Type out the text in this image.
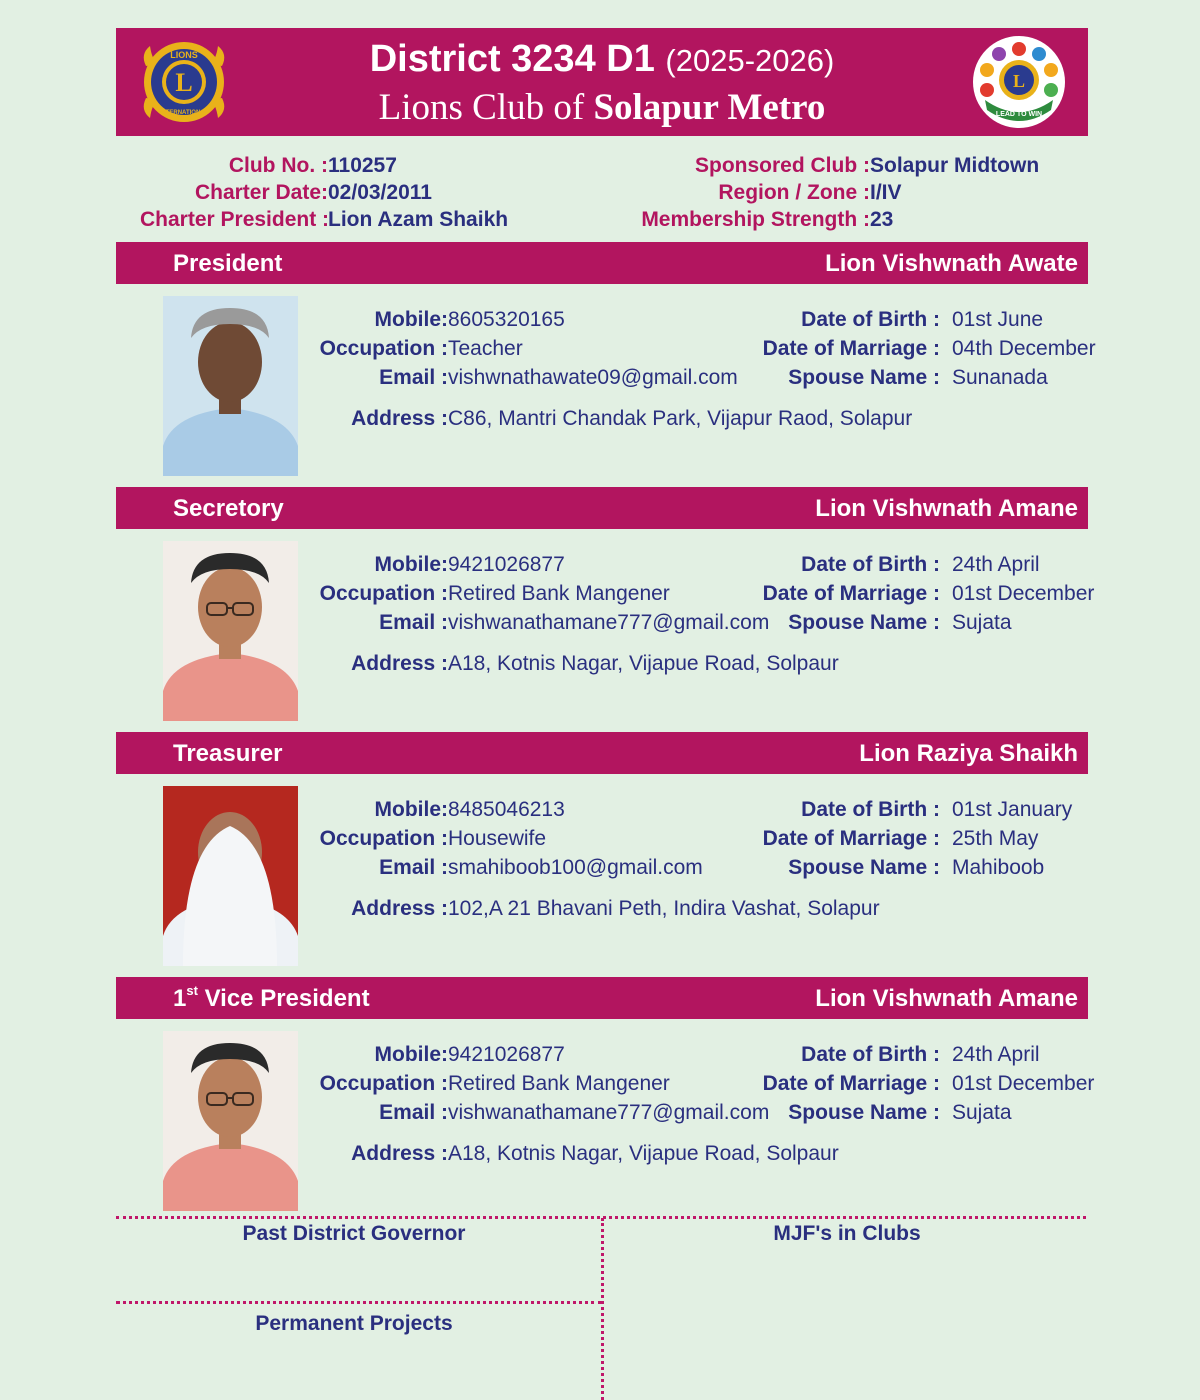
L
LIONS
INTERNATIONAL
District 3234 D1 (2025-2026)
Lions Club of Solapur Metro
L
LEAD TO WIN
Club No. : 110257
Charter Date: 02/03/2011
Charter President :
Lion Azam Shaikh
Sponsored Club : Solapur Midtown
Region / Zone : I/IV
Membership Strength : 23
President	Lion Vishwnath Awate
Mobile: 8605320165
Occupation : Teacher
Email : vishwnathawate09@gmail.com
Address : C86, Mantri Chandak Park, Vijapur Raod, Solapur
Date of Birth : 01st June
Date of Marriage : 04th December
Spouse Name : Sunanada
Secretory	Lion Vishwnath Amane
Mobile: 9421026877
Occupation : Retired Bank Mangener
Email : vishwanathamane777@gmail.com
Address : A18, Kotnis Nagar, Vijapue Road, Solpaur
Date of Birth : 24th April
Date of Marriage : 01st December
Spouse Name : Sujata
Treasurer	Lion Raziya Shaikh
Mobile: 8485046213
Occupation : Housewife
Email : smahiboob100@gmail.com
Address : 102,A 21 Bhavani Peth, Indira Vashat, Solapur
Date of Birth : 01st January
Date of Marriage : 25th May
Spouse Name : Mahiboob
1st Vice President	Lion Vishwnath Amane
Mobile: 9421026877
Occupation : Retired Bank Mangener
Email : vishwanathamane777@gmail.com
Address : A18, Kotnis Nagar, Vijapue Road, Solpaur
Date of Birth : 24th April
Date of Marriage : 01st December
Spouse Name : Sujata
Past District Governor	MJF's in Clubs
Permanent Projects
